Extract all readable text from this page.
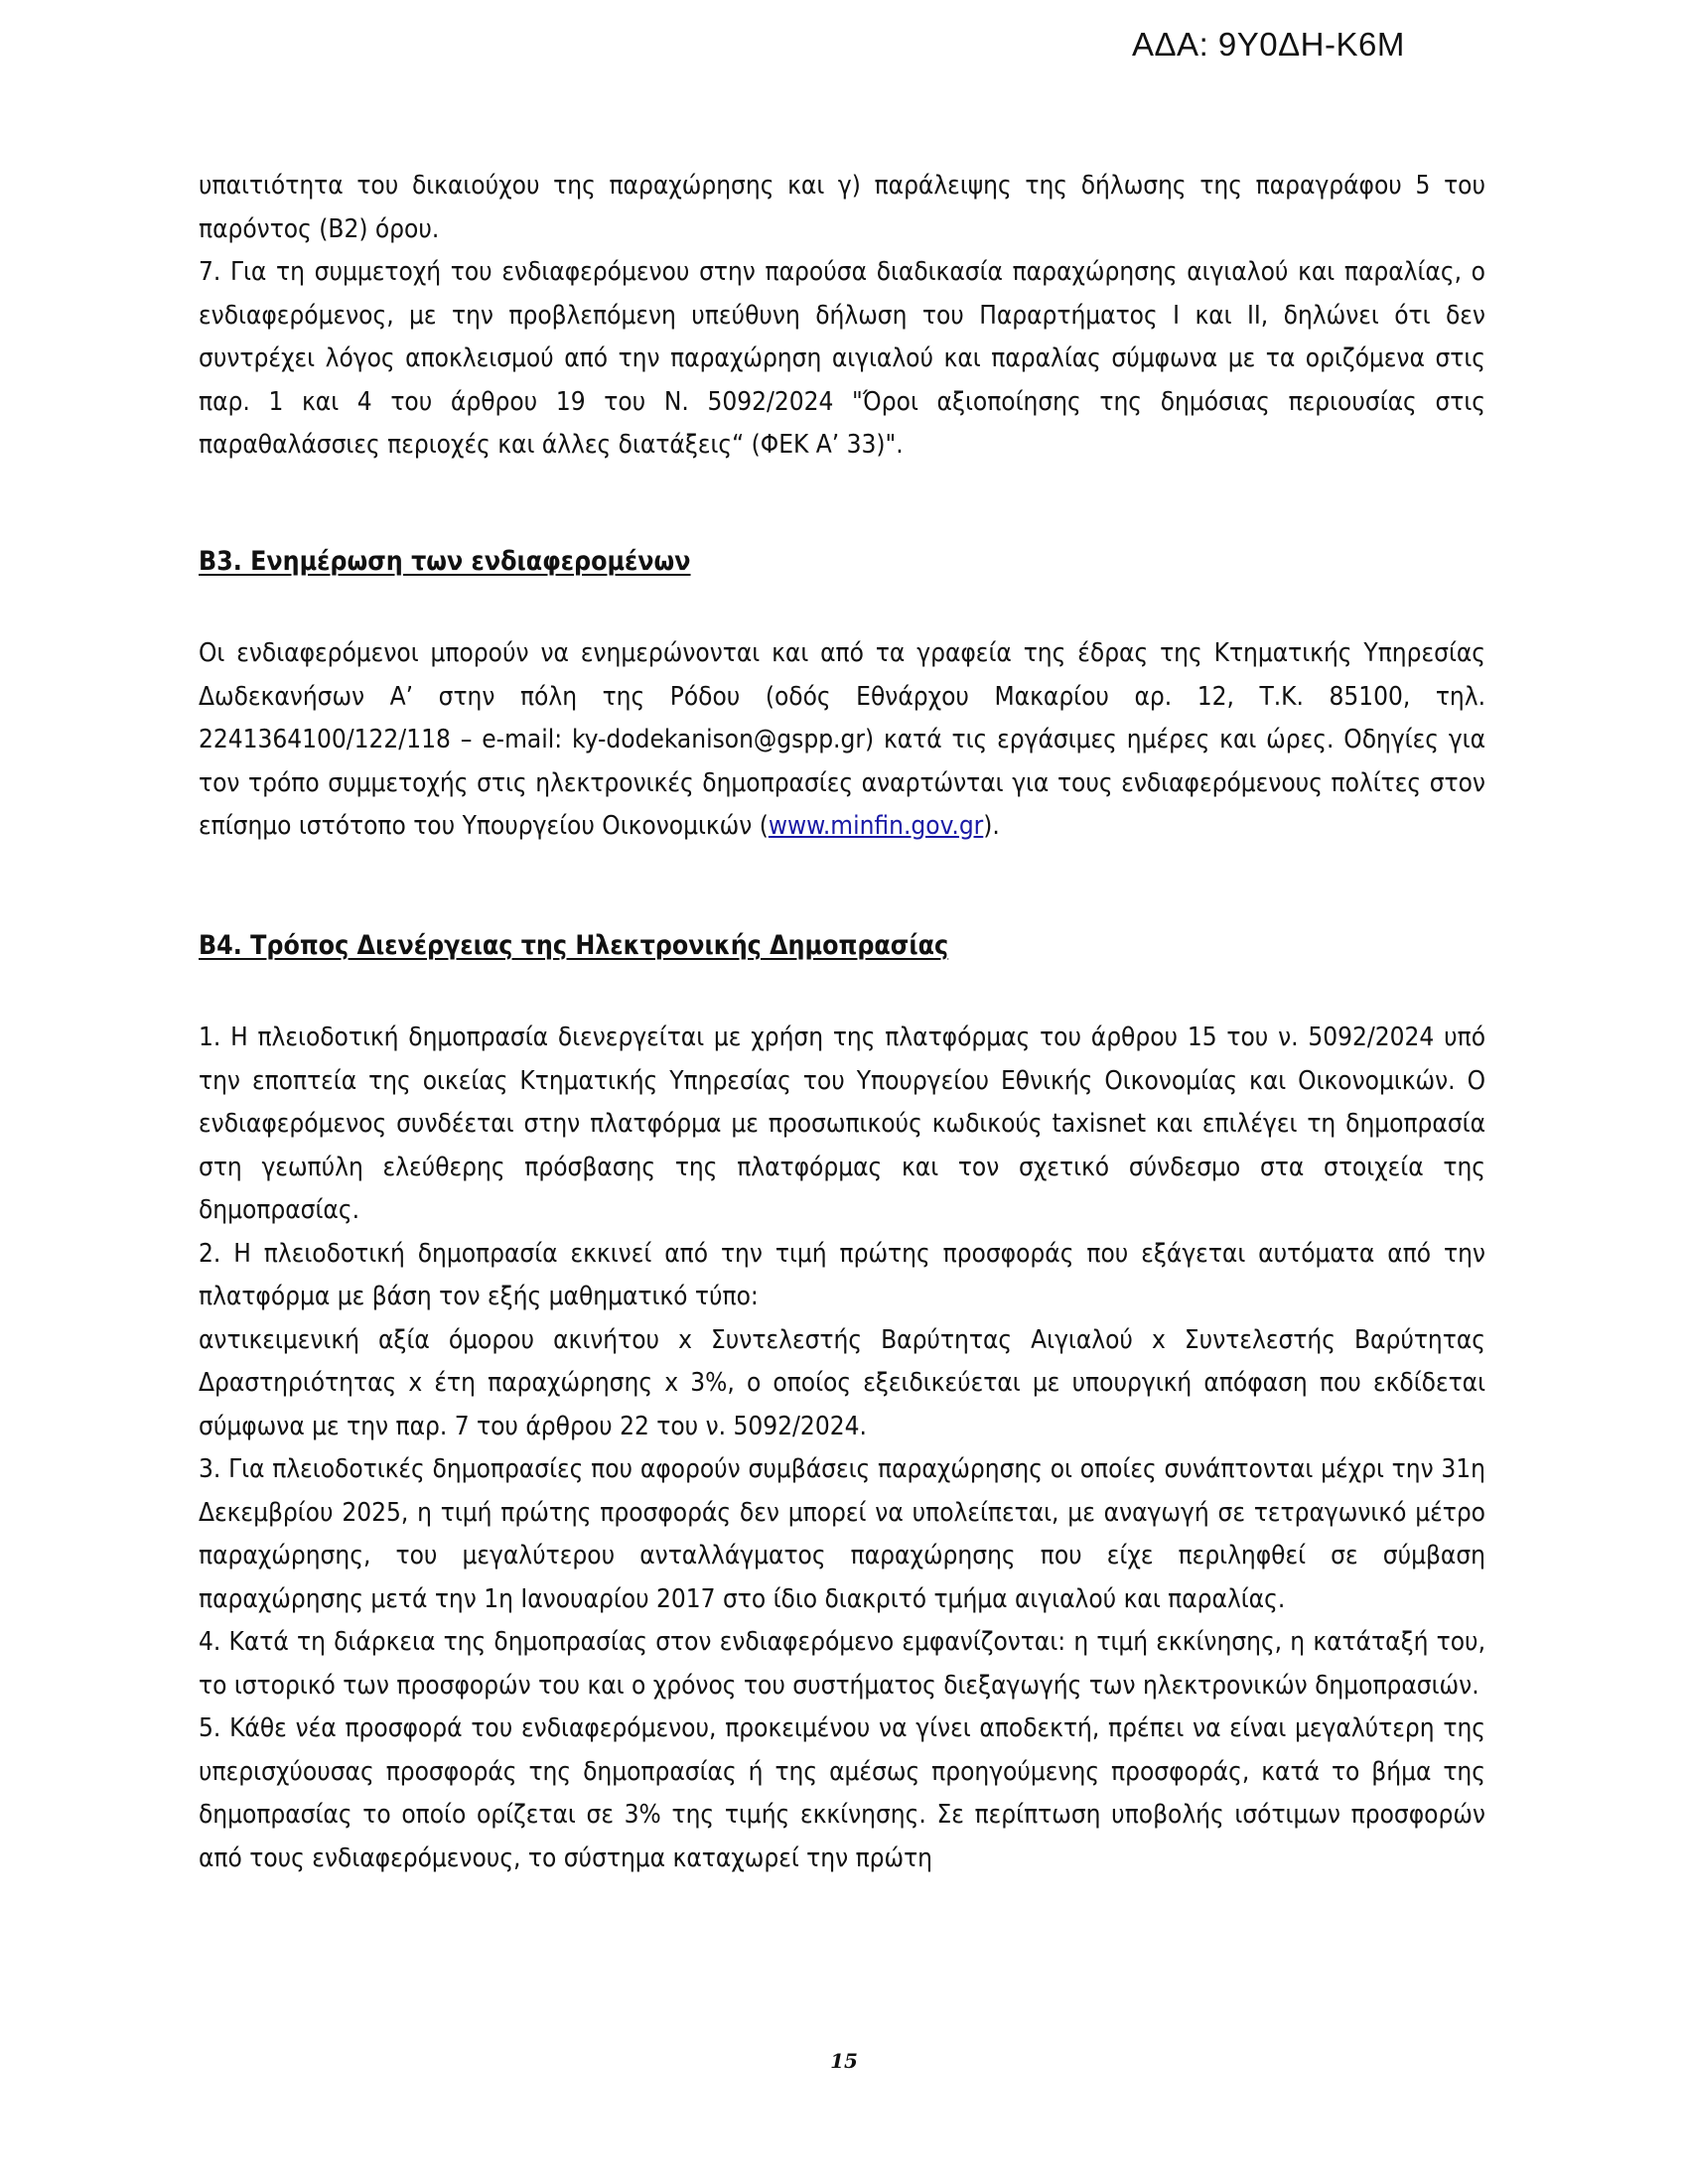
ΑΔΑ: 9Υ0ΔΗ-Κ6Μ

υπαιτιότητα του δικαιούχου της παραχώρησης και γ) παράλειψης της δήλωσης της παραγράφου 5 του παρόντος (Β2) όρου.

7. Για τη συμμετοχή του ενδιαφερόμενου στην παρούσα διαδικασία παραχώρησης αιγιαλού και παραλίας, ο ενδιαφερόμενος, με την προβλεπόμενη υπεύθυνη δήλωση του Παραρτήματος Ι και ΙΙ, δηλώνει ότι δεν συντρέχει λόγος αποκλεισμού από την παραχώρηση αιγιαλού και παραλίας σύμφωνα με τα οριζόμενα στις παρ. 1 και 4 του άρθρου 19 του Ν. 5092/2024 "Όροι αξιοποίησης της δημόσιας περιουσίας στις παραθαλάσσιες περιοχές και άλλες διατάξεις“ (ΦΕΚ Α’ 33)".

Β3. Ενημέρωση των ενδιαφερομένων

Οι ενδιαφερόμενοι μπορούν να ενημερώνονται και από τα γραφεία της έδρας της Κτηματικής Υπηρεσίας Δωδεκανήσων Α’ στην πόλη της Ρόδου (οδός Εθνάρχου Μακαρίου αρ. 12, Τ.Κ. 85100, τηλ. 2241364100/122/118 – e-mail: ky-dodekanison@gspp.gr) κατά τις εργάσιμες ημέρες και ώρες. Οδηγίες για τον τρόπο συμμετοχής στις ηλεκτρονικές δημοπρασίες αναρτώνται για τους ενδιαφερόμενους πολίτες στον επίσημο ιστότοπο του Υπουργείου Οικονομικών (www.minfin.gov.gr).

Β4. Τρόπος Διενέργειας της Ηλεκτρονικής Δημοπρασίας

1. Η πλειοδοτική δημοπρασία διενεργείται με χρήση της πλατφόρμας του άρθρου 15 του ν. 5092/2024 υπό την εποπτεία της οικείας Κτηματικής Υπηρεσίας του Υπουργείου Εθνικής Οικονομίας και Οικονομικών. Ο ενδιαφερόμενος συνδέεται στην πλατφόρμα με προσωπικούς κωδικούς taxisnet και επιλέγει τη δημοπρασία στη γεωπύλη ελεύθερης πρόσβασης της πλατφόρμας και τον σχετικό σύνδεσμο στα στοιχεία της δημοπρασίας.

2. Η πλειοδοτική δημοπρασία εκκινεί από την τιμή πρώτης προσφοράς που εξάγεται αυτόματα από την πλατφόρμα με βάση τον εξής μαθηματικό τύπο:

αντικειμενική αξία όμορου ακινήτου x Συντελεστής Βαρύτητας Αιγιαλού x Συντελεστής Βαρύτητας Δραστηριότητας x έτη παραχώρησης x 3%, ο οποίος εξειδικεύεται με υπουργική απόφαση που εκδίδεται σύμφωνα με την παρ. 7 του άρθρου 22 του ν. 5092/2024.

3. Για πλειοδοτικές δημοπρασίες που αφορούν συμβάσεις παραχώρησης οι οποίες συνάπτονται μέχρι την 31η Δεκεμβρίου 2025, η τιμή πρώτης προσφοράς δεν μπορεί να υπολείπεται, με αναγωγή σε τετραγωνικό μέτρο παραχώρησης, του μεγαλύτερου ανταλλάγματος παραχώρησης που είχε περιληφθεί σε σύμβαση παραχώρησης μετά την 1η Ιανουαρίου 2017 στο ίδιο διακριτό τμήμα αιγιαλού και παραλίας.

4. Κατά τη διάρκεια της δημοπρασίας στον ενδιαφερόμενο εμφανίζονται: η τιμή εκκίνησης, η κατάταξή του, το ιστορικό των προσφορών του και ο χρόνος του συστήματος διεξαγωγής των ηλεκτρονικών δημοπρασιών.

5. Κάθε νέα προσφορά του ενδιαφερόμενου, προκειμένου να γίνει αποδεκτή, πρέπει να είναι μεγαλύτερη της υπερισχύουσας προσφοράς της δημοπρασίας ή της αμέσως προηγούμενης προσφοράς, κατά το βήμα της δημοπρασίας το οποίο ορίζεται σε 3% της τιμής εκκίνησης. Σε περίπτωση υποβολής ισότιμων προσφορών από τους ενδιαφερόμενους, το σύστημα καταχωρεί την πρώτη

15
